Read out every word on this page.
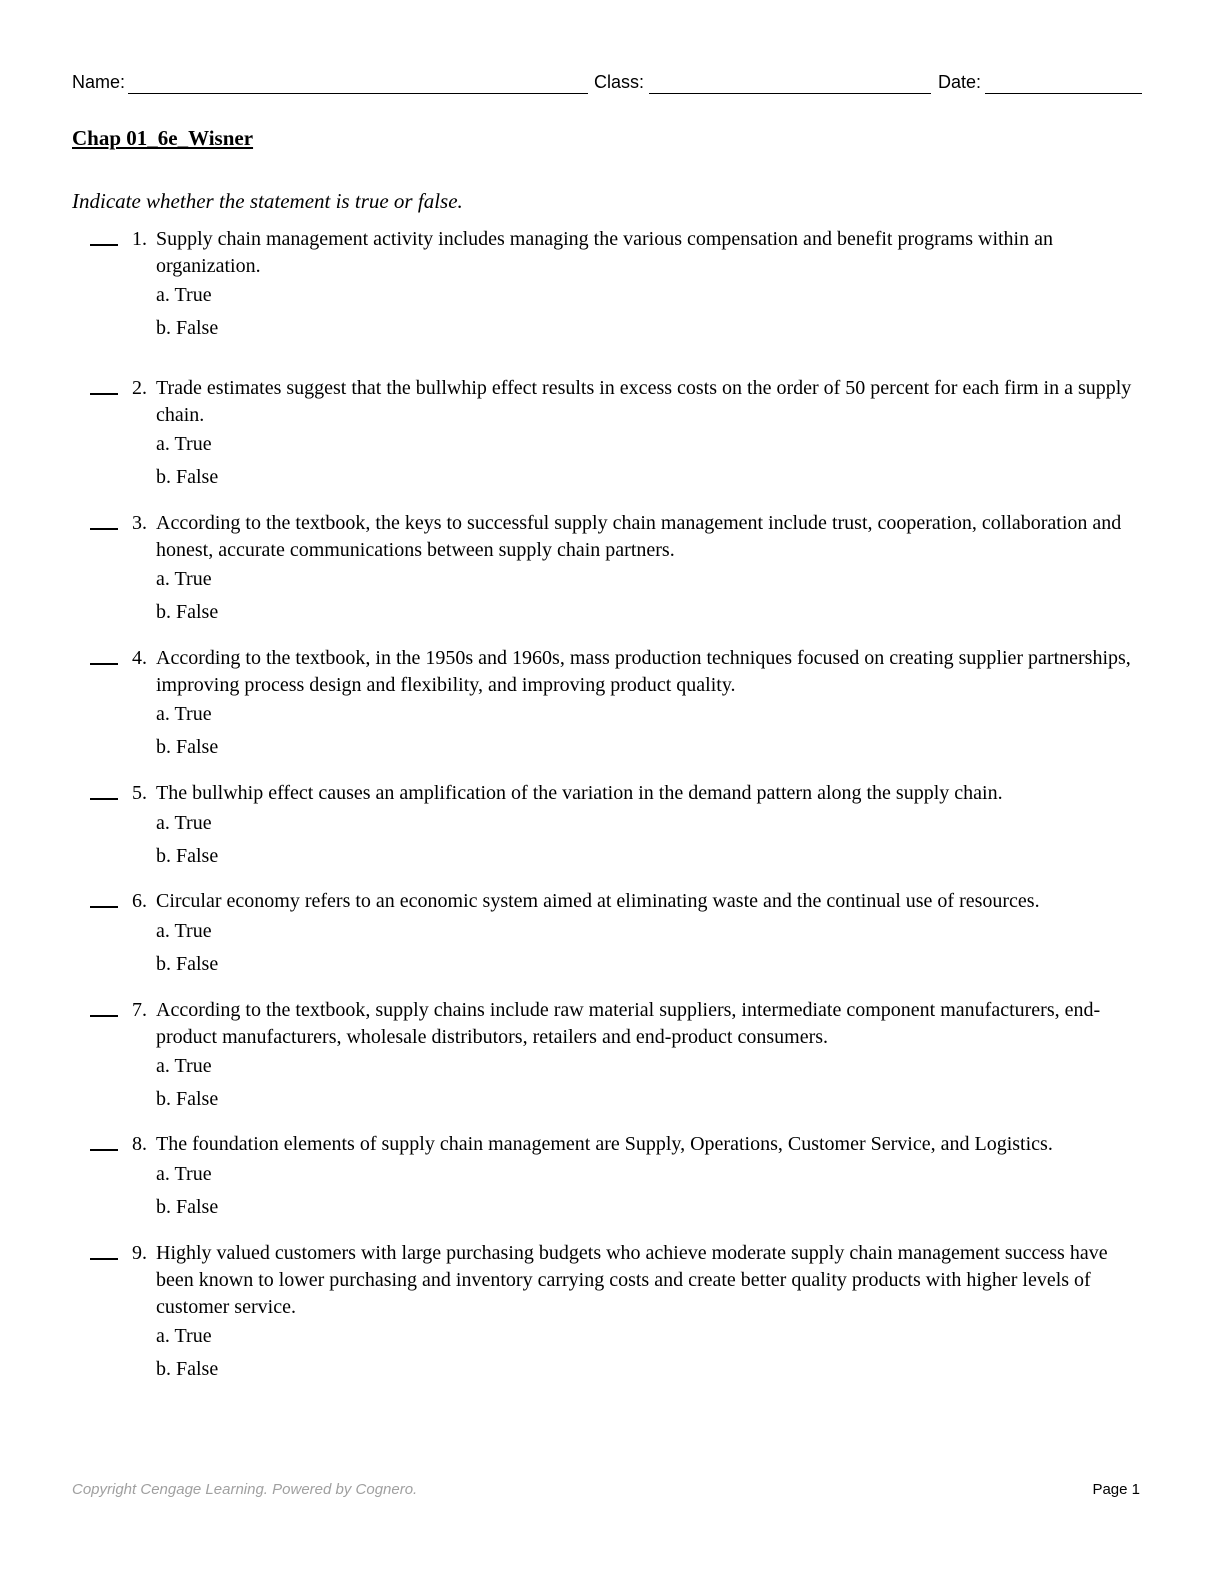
Name:	Class:	Date:
Chap 01_6e_Wisner
Indicate whether the statement is true or false.
1. Supply chain management activity includes managing the various compensation and benefit programs within an organization.
a. True
b. False
2. Trade estimates suggest that the bullwhip effect results in excess costs on the order of 50 percent for each firm in a supply chain.
a. True
b. False
3. According to the textbook, the keys to successful supply chain management include trust, cooperation, collaboration and honest, accurate communications between supply chain partners.
a. True
b. False
4. According to the textbook, in the 1950s and 1960s, mass production techniques focused on creating supplier partnerships, improving process design and flexibility, and improving product quality.
a. True
b. False
5. The bullwhip effect causes an amplification of the variation in the demand pattern along the supply chain.
a. True
b. False
6. Circular economy refers to an economic system aimed at eliminating waste and the continual use of resources.
a. True
b. False
7. According to the textbook, supply chains include raw material suppliers, intermediate component manufacturers, end-product manufacturers, wholesale distributors, retailers and end-product consumers.
a. True
b. False
8. The foundation elements of supply chain management are Supply, Operations, Customer Service, and Logistics.
a. True
b. False
9. Highly valued customers with large purchasing budgets who achieve moderate supply chain management success have been known to lower purchasing and inventory carrying costs and create better quality products with higher levels of customer service.
a. True
b. False
Copyright Cengage Learning. Powered by Cognero.	Page 1
